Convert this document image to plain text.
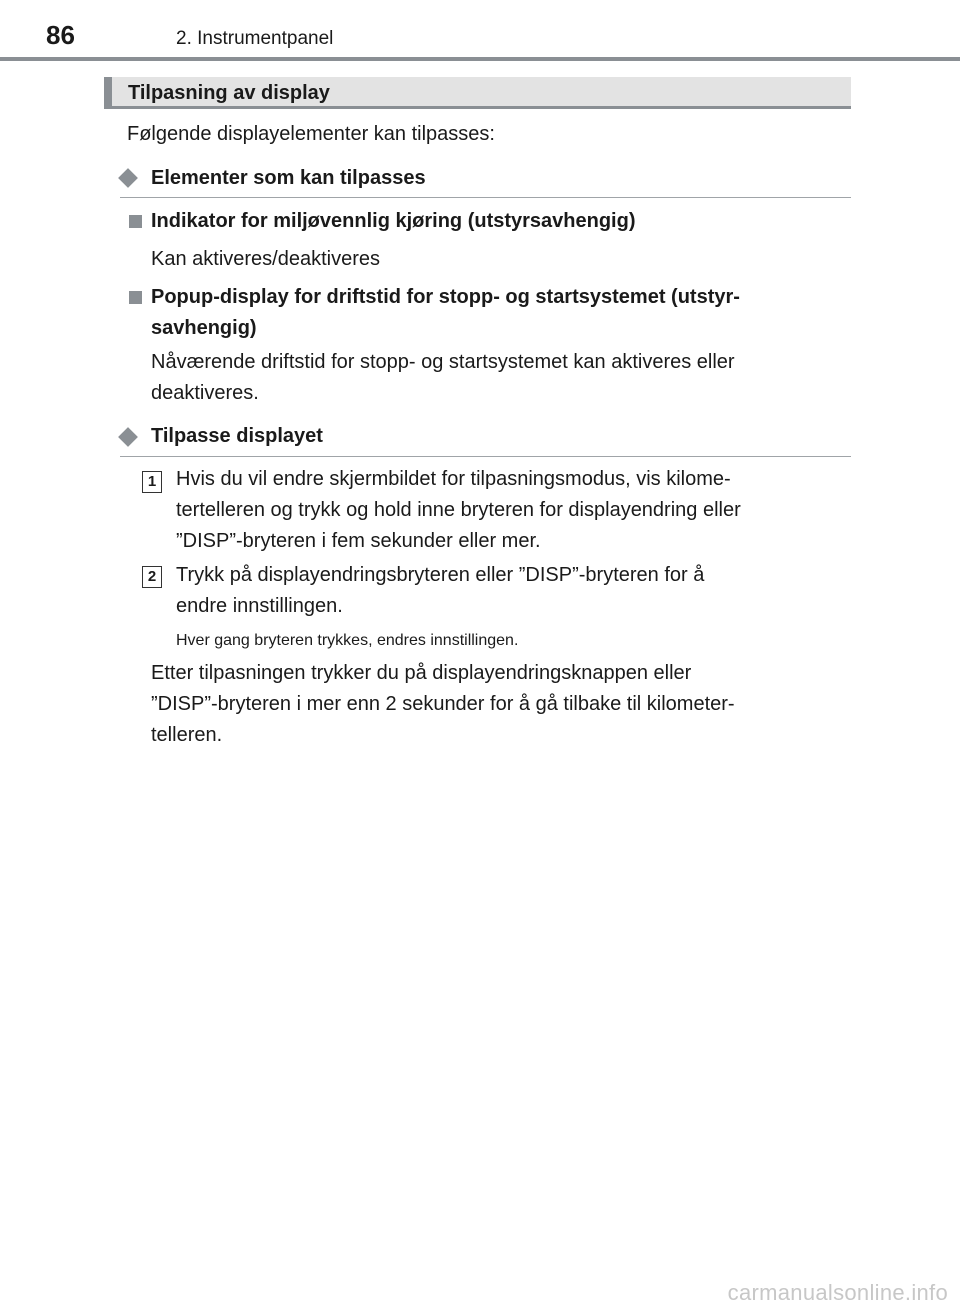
86	2. Instrumentpanel
Tilpasning av display
Følgende displayelementer kan tilpasses:
Elementer som kan tilpasses
Indikator for miljøvennlig kjøring (utstyrsavhengig)
Kan aktiveres/deaktiveres
Popup-display for driftstid for stopp- og startsystemet (utstyr-
savhengig)
Nåværende driftstid for stopp- og startsystemet kan aktiveres eller
deaktiveres.
Tilpasse displayet
1 Hvis du vil endre skjermbildet for tilpasningsmodus, vis kilome-
tertelleren og trykk og hold inne bryteren for displayendring eller
”DISP”-bryteren i fem sekunder eller mer.
2 Trykk på displayendringsbryteren eller ”DISP”-bryteren for å
endre innstillingen.
Hver gang bryteren trykkes, endres innstillingen.
Etter tilpasningen trykker du på displayendringsknappen eller
”DISP”-bryteren i mer enn 2 sekunder for å gå tilbake til kilometer-
telleren.
carmanualsonline.info
